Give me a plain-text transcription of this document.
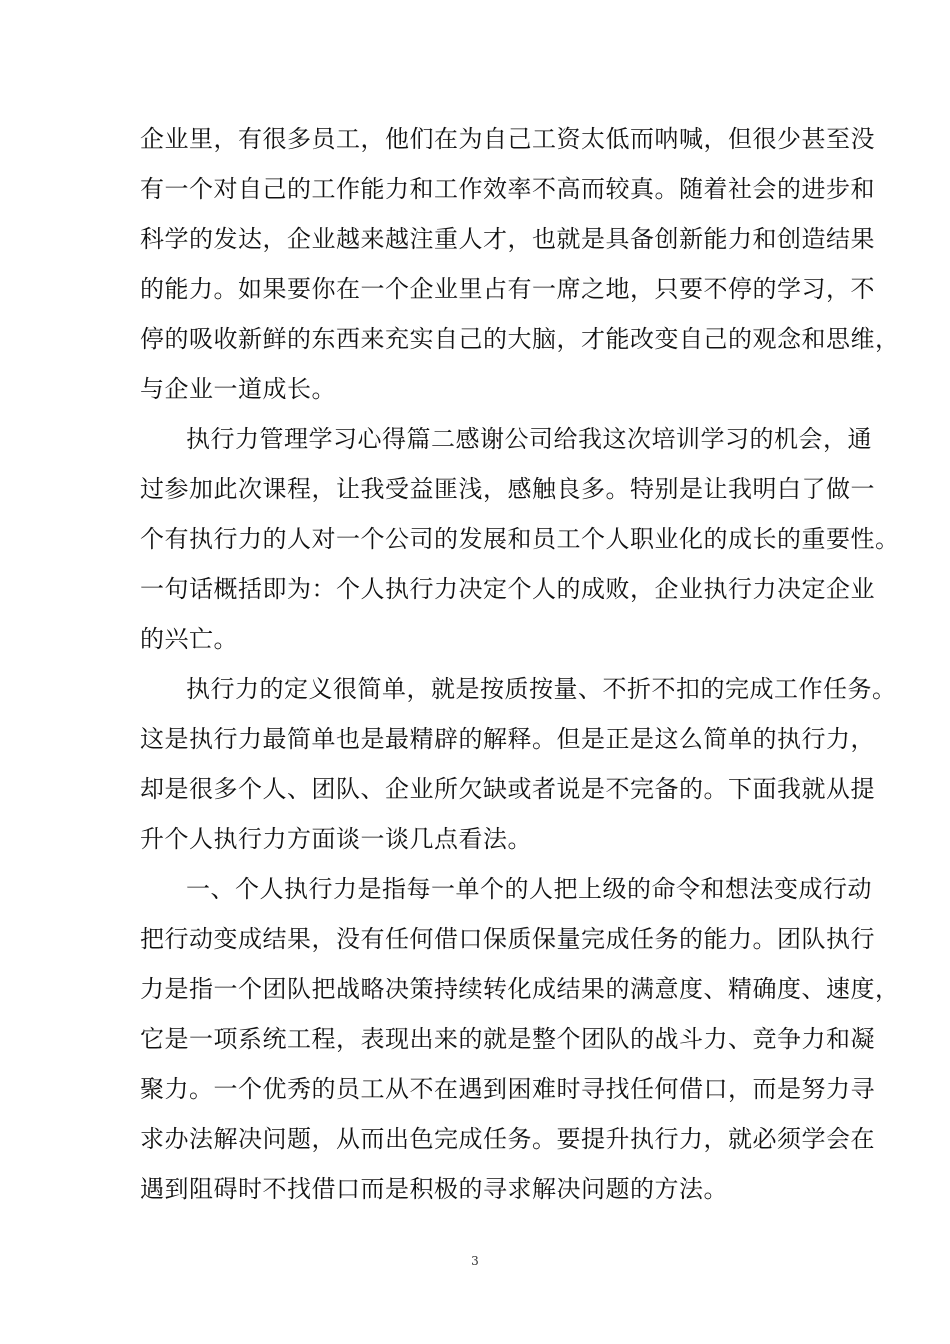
企业里，有很多员工，他们在为自己工资太低而呐喊，但很少甚至没
有一个对自己的工作能力和工作效率不高而较真。随着社会的进步和
科学的发达，企业越来越注重人才，也就是具备创新能力和创造结果
的能力。如果要你在一个企业里占有一席之地，只要不停的学习，不
停的吸收新鲜的东西来充实自己的大脑，才能改变自己的观念和思维，
与企业一道成长。
执行力管理学习心得篇二感谢公司给我这次培训学习的机会，通
过参加此次课程，让我受益匪浅，感触良多。特别是让我明白了做一
个有执行力的人对一个公司的发展和员工个人职业化的成长的重要性。
一句话概括即为：个人执行力决定个人的成败，企业执行力决定企业
的兴亡。
执行力的定义很简单，就是按质按量、不折不扣的完成工作任务。
这是执行力最简单也是最精辟的解释。但是正是这么简单的执行力，
却是很多个人、团队、企业所欠缺或者说是不完备的。下面我就从提
升个人执行力方面谈一谈几点看法。
一、个人执行力是指每一单个的人把上级的命令和想法变成行动
把行动变成结果，没有任何借口保质保量完成任务的能力。团队执行
力是指一个团队把战略决策持续转化成结果的满意度、精确度、速度，
它是一项系统工程，表现出来的就是整个团队的战斗力、竞争力和凝
聚力。一个优秀的员工从不在遇到困难时寻找任何借口，而是努力寻
求办法解决问题，从而出色完成任务。要提升执行力，就必须学会在
遇到阻碍时不找借口而是积极的寻求解决问题的方法。
3
